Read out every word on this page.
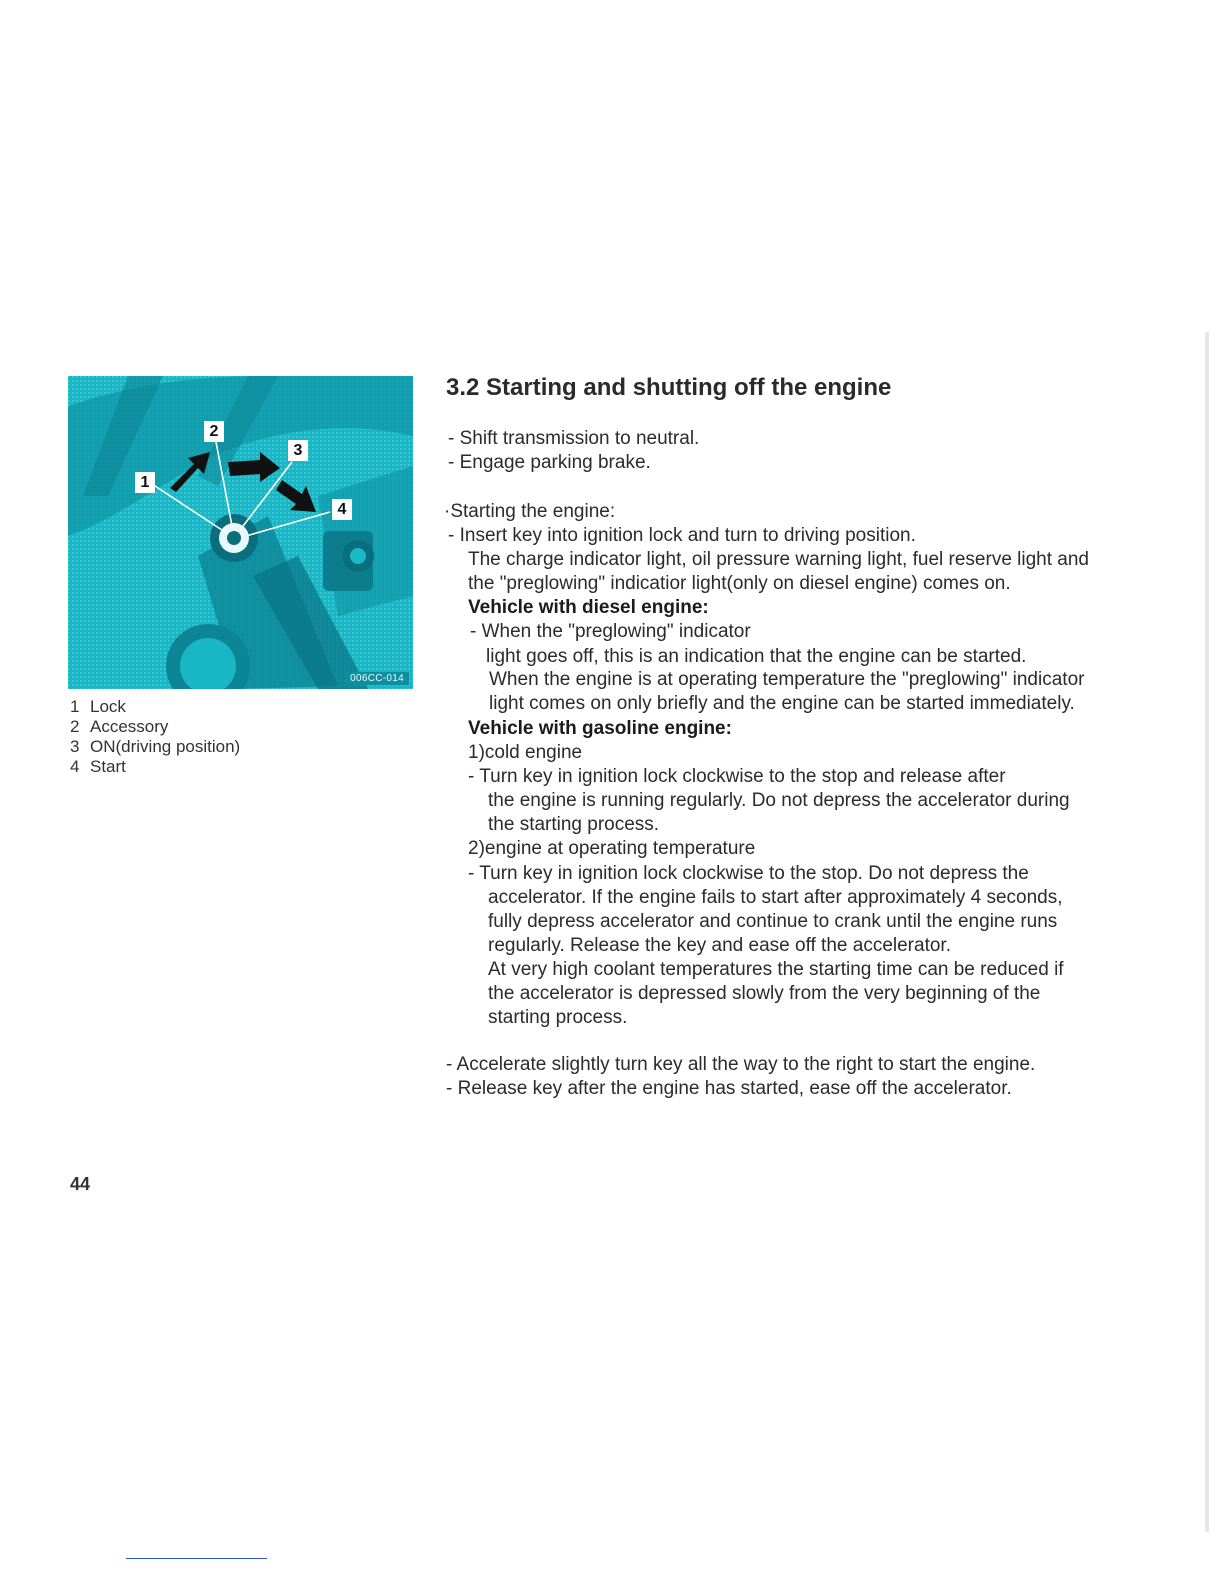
1
2
3
4
006CC-014
1 Lock
2 Accessory
3 ON(driving position)
4 Start
3.2 Starting and shutting off the engine
- Shift transmission to neutral.
- Engage parking brake.
·Starting the engine:
- Insert key into ignition lock and turn to driving position.
The charge indicator light, oil pressure warning light, fuel reserve light and
the "preglowing" indicatior light(only on diesel engine) comes on.
Vehicle with diesel engine:
- When the "preglowing" indicator
light goes off, this is an indication that the engine can be started.
When the engine is at operating temperature the "preglowing" indicator
light comes on only briefly and the engine can be started immediately.
Vehicle with gasoline engine:
1)cold engine
- Turn key in ignition lock clockwise to the stop and release after
the engine is running regularly. Do not depress the accelerator during
the starting process.
2)engine at operating temperature
- Turn key in ignition lock clockwise to the stop. Do not depress the
accelerator. If the engine fails to start after approximately 4 seconds,
fully depress accelerator and continue to crank until the engine runs
regularly. Release the key and ease off the accelerator.
At very high coolant temperatures the starting time can be reduced if
the accelerator is depressed slowly from the very beginning of the
starting process.
- Accelerate slightly turn key all the way to the right to start the engine.
- Release key after the engine has started, ease off the accelerator.
44
